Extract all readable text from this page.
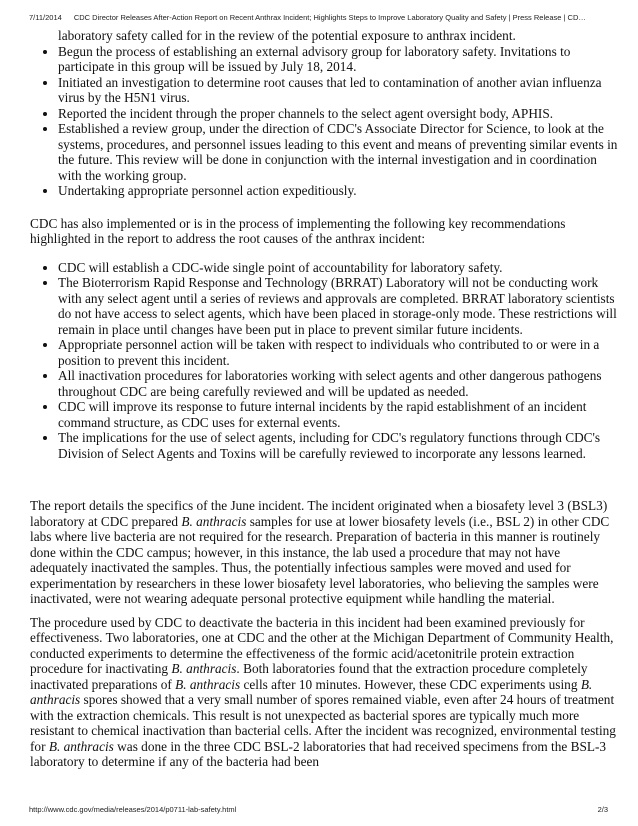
7/11/2014 CDC Director Releases After-Action Report on Recent Anthrax Incident; Highlights Steps to Improve Laboratory Quality and Safety | Press Release | CD…
laboratory safety called for in the review of the potential exposure to anthrax incident.
• Begun the process of establishing an external advisory group for laboratory safety. Invitations to participate in this group will be issued by July 18, 2014.
• Initiated an investigation to determine root causes that led to contamination of another avian influenza virus by the H5N1 virus.
• Reported the incident through the proper channels to the select agent oversight body, APHIS.
• Established a review group, under the direction of CDC's Associate Director for Science, to look at the systems, procedures, and personnel issues leading to this event and means of preventing similar events in the future. This review will be done in conjunction with the internal investigation and in coordination with the working group.
• Undertaking appropriate personnel action expeditiously.

CDC has also implemented or is in the process of implementing the following key recommendations highlighted in the report to address the root causes of the anthrax incident:

• CDC will establish a CDC-wide single point of accountability for laboratory safety.
• The Bioterrorism Rapid Response and Technology (BRRAT) Laboratory will not be conducting work with any select agent until a series of reviews and approvals are completed. BRRAT laboratory scientists do not have access to select agents, which have been placed in storage-only mode. These restrictions will remain in place until changes have been put in place to prevent similar future incidents.
• Appropriate personnel action will be taken with respect to individuals who contributed to or were in a position to prevent this incident.
• All inactivation procedures for laboratories working with select agents and other dangerous pathogens throughout CDC are being carefully reviewed and will be updated as needed.
• CDC will improve its response to future internal incidents by the rapid establishment of an incident command structure, as CDC uses for external events.
• The implications for the use of select agents, including for CDC's regulatory functions through CDC's Division of Select Agents and Toxins will be carefully reviewed to incorporate any lessons learned.

The report details the specifics of the June incident. The incident originated when a biosafety level 3 (BSL3) laboratory at CDC prepared B. anthracis samples for use at lower biosafety levels (i.e., BSL 2) in other CDC labs where live bacteria are not required for the research. Preparation of bacteria in this manner is routinely done within the CDC campus; however, in this instance, the lab used a procedure that may not have adequately inactivated the samples. Thus, the potentially infectious samples were moved and used for experimentation by researchers in these lower biosafety level laboratories, who believing the samples were inactivated, were not wearing adequate personal protective equipment while handling the material.

The procedure used by CDC to deactivate the bacteria in this incident had been examined previously for effectiveness. Two laboratories, one at CDC and the other at the Michigan Department of Community Health, conducted experiments to determine the effectiveness of the formic acid/acetonitrile protein extraction procedure for inactivating B. anthracis. Both laboratories found that the extraction procedure completely inactivated preparations of B. anthracis cells after 10 minutes. However, these CDC experiments using B. anthracis spores showed that a very small number of spores remained viable, even after 24 hours of treatment with the extraction chemicals. This result is not unexpected as bacterial spores are typically much more resistant to chemical inactivation than bacterial cells. After the incident was recognized, environmental testing for B. anthracis was done in the three CDC BSL-2 laboratories that had received specimens from the BSL-3 laboratory to determine if any of the bacteria had been

http://www.cdc.gov/media/releases/2014/p0711-lab-safety.html	2/3
